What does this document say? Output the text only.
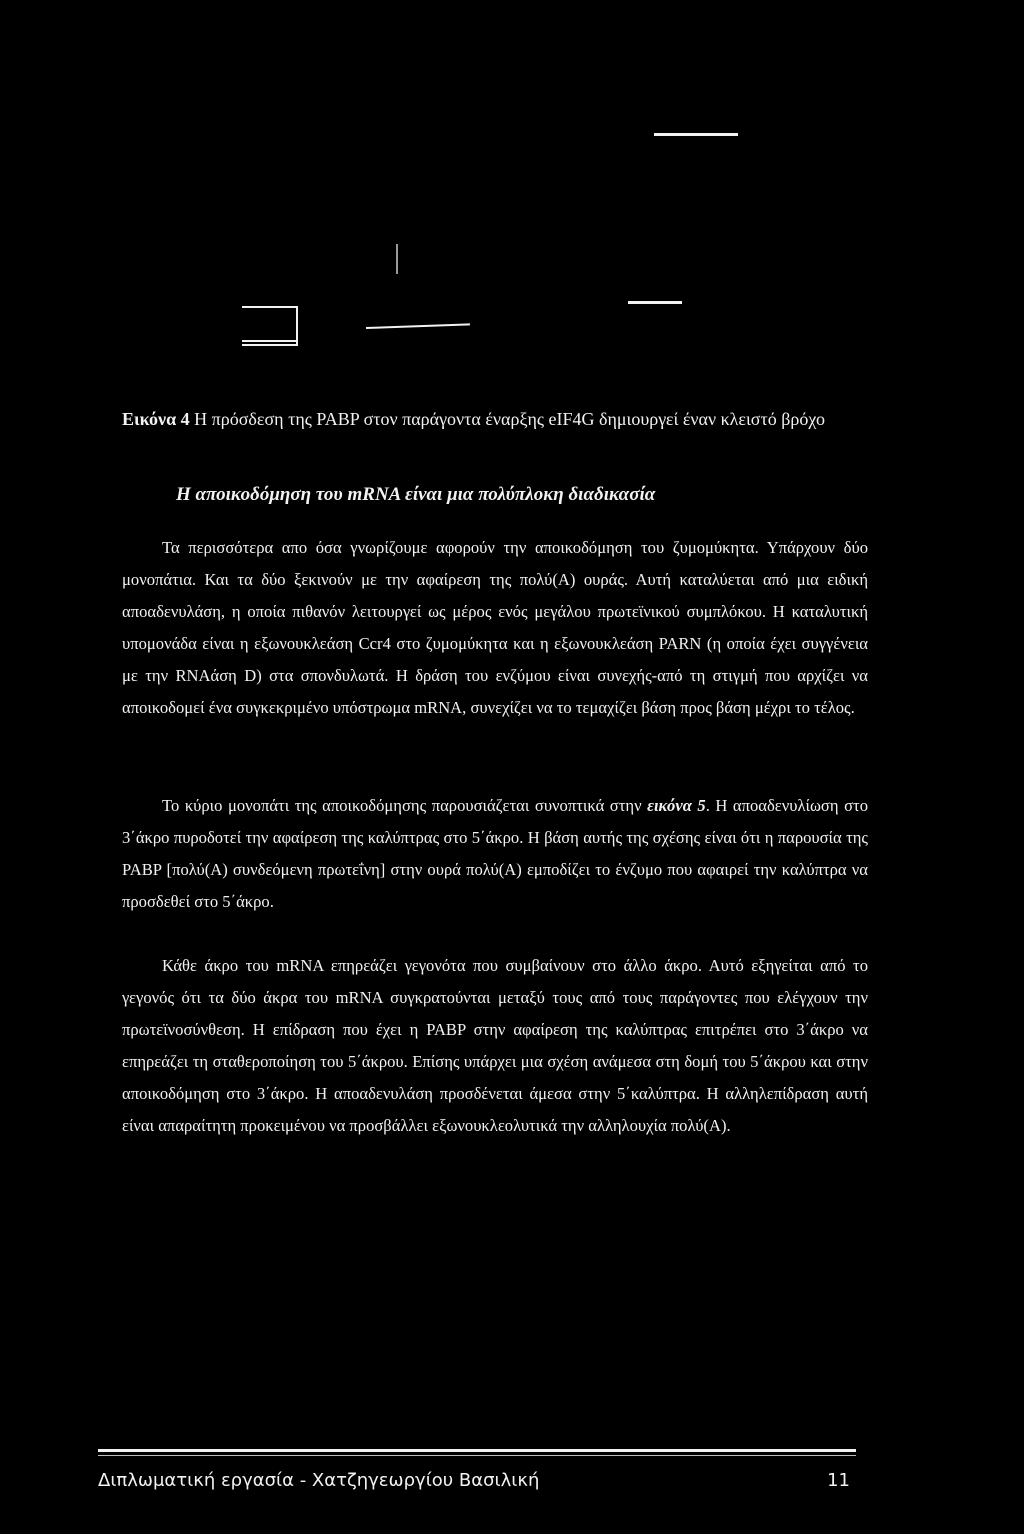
Εικόνα 4 Η πρόσδεση της PABP στον παράγοντα έναρξης eIF4G δημιουργεί έναν κλειστό βρόχο
Η αποικοδόμηση του mRNA είναι μια πολύπλοκη διαδικασία

Τα περισσότερα απο όσα γνωρίζουμε αφορούν την αποικοδόμηση του ζυμομύκητα. Υπάρχουν δύο μονοπάτια. Και τα δύο ξεκινούν με την αφαίρεση της πολύ(Α) ουράς. Αυτή καταλύεται από μια ειδική αποαδενυλάση, η οποία πιθανόν λειτουργεί ως μέρος ενός μεγάλου πρωτεϊνικού συμπλόκου. Η καταλυτική υπομονάδα είναι η εξωνουκλεάση Ccr4 στο ζυμομύκητα και η εξωνουκλεάση PARN (η οποία έχει συγγένεια με την RNAάση D) στα σπονδυλωτά. Η δράση του ενζύμου είναι συνεχής-από τη στιγμή που αρχίζει να αποικοδομεί ένα συγκεκριμένο υπόστρωμα mRNA, συνεχίζει να το τεμαχίζει βάση προς βάση μέχρι το τέλος.

Το κύριο μονοπάτι της αποικοδόμησης παρουσιάζεται συνοπτικά στην εικόνα 5. Η αποαδενυλίωση στο 3΄άκρο πυροδοτεί την αφαίρεση της καλύπτρας στο 5΄άκρο. Η βάση αυτής της σχέσης είναι ότι η παρουσία της PABP [πολύ(Α) συνδεόμενη πρωτεΐνη] στην ουρά πολύ(Α) εμποδίζει το ένζυμο που αφαιρεί την καλύπτρα να προσδεθεί στο 5΄άκρο.

Κάθε άκρο του mRNA επηρεάζει γεγονότα που συμβαίνουν στο άλλο άκρο. Αυτό εξηγείται από το γεγονός ότι τα δύο άκρα του mRNA συγκρατούνται μεταξύ τους από τους παράγοντες που ελέγχουν την πρωτεϊνοσύνθεση. Η επίδραση που έχει η PABP στην αφαίρεση της καλύπτρας επιτρέπει στο 3΄άκρο να επηρεάζει τη σταθεροποίηση του 5΄άκρου. Επίσης υπάρχει μια σχέση ανάμεσα στη δομή του 5΄άκρου και στην αποικοδόμηση στο 3΄άκρο. Η αποαδενυλάση προσδένεται άμεσα στην 5΄καλύπτρα. Η αλληλεπίδραση αυτή είναι απαραίτητη προκειμένου να προσβάλλει εξωνουκλεολυτικά την αλληλουχία πολύ(Α).

Διπλωματική εργασία - Χατζηγεωργίου Βασιλική	11
